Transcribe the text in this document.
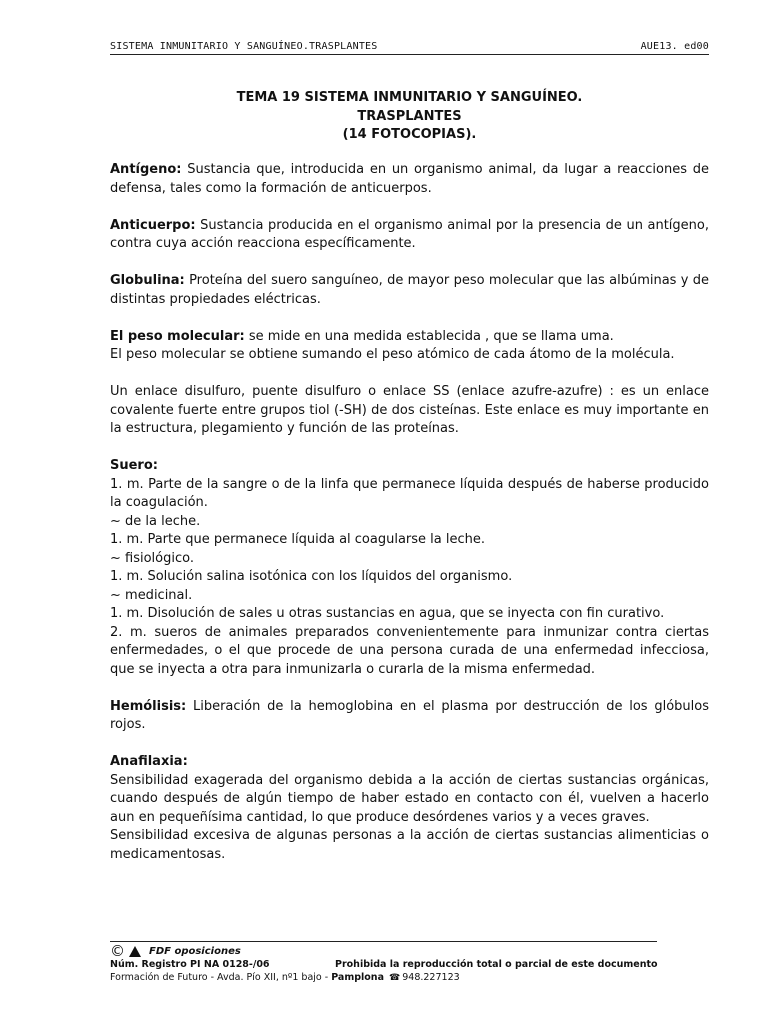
SISTEMA INMUNITARIO Y SANGUÍNEO.TRASPLANTES	AUE13. ed00
TEMA 19 SISTEMA INMUNITARIO Y SANGUÍNEO.
TRASPLANTES
(14 FOTOCOPIAS).

Antígeno: Sustancia que, introducida en un organismo animal, da lugar a reacciones de defensa, tales como la formación de anticuerpos.

Anticuerpo: Sustancia producida en el organismo animal por la presencia de un antígeno, contra cuya acción reacciona específicamente.

Globulina: Proteína del suero sanguíneo, de mayor peso molecular que las albúminas y de distintas propiedades eléctricas.

El peso molecular: se mide en una medida establecida , que se llama uma.
El peso molecular se obtiene sumando el peso atómico de cada átomo de la molécula.

Un enlace disulfuro, puente disulfuro o enlace SS (enlace azufre-azufre) : es un enlace covalente fuerte entre grupos tiol (-SH) de dos cisteínas. Este enlace es muy importante en la estructura, plegamiento y función de las proteínas.

Suero:
1. m. Parte de la sangre o de la linfa que permanece líquida después de haberse producido la coagulación.
~ de la leche.
1. m. Parte que permanece líquida al coagularse la leche.
~ fisiológico.
1. m. Solución salina isotónica con los líquidos del organismo.
~ medicinal.
1. m. Disolución de sales u otras sustancias en agua, que se inyecta con fin curativo.
2. m. sueros de animales preparados convenientemente para inmunizar contra ciertas enfermedades, o el que procede de una persona curada de una enfermedad infecciosa, que se inyecta a otra para inmunizarla o curarla de la misma enfermedad.

Hemólisis: Liberación de la hemoglobina en el plasma por destrucción de los glóbulos rojos.

Anafilaxia:
Sensibilidad exagerada del organismo debida a la acción de ciertas sustancias orgánicas, cuando después de algún tiempo de haber estado en contacto con él, vuelven a hacerlo aun en pequeñísima cantidad, lo que produce desórdenes varios y a veces graves.
Sensibilidad excesiva de algunas personas a la acción de ciertas sustancias alimenticias o medicamentosas.

© FDF oposiciones
Núm. Registro PI NA 0128-/06	Prohibida la reproducción total o parcial de este documento
Formación de Futuro - Avda. Pío XII, nº1 bajo - Pamplona ☎ 948.227123
